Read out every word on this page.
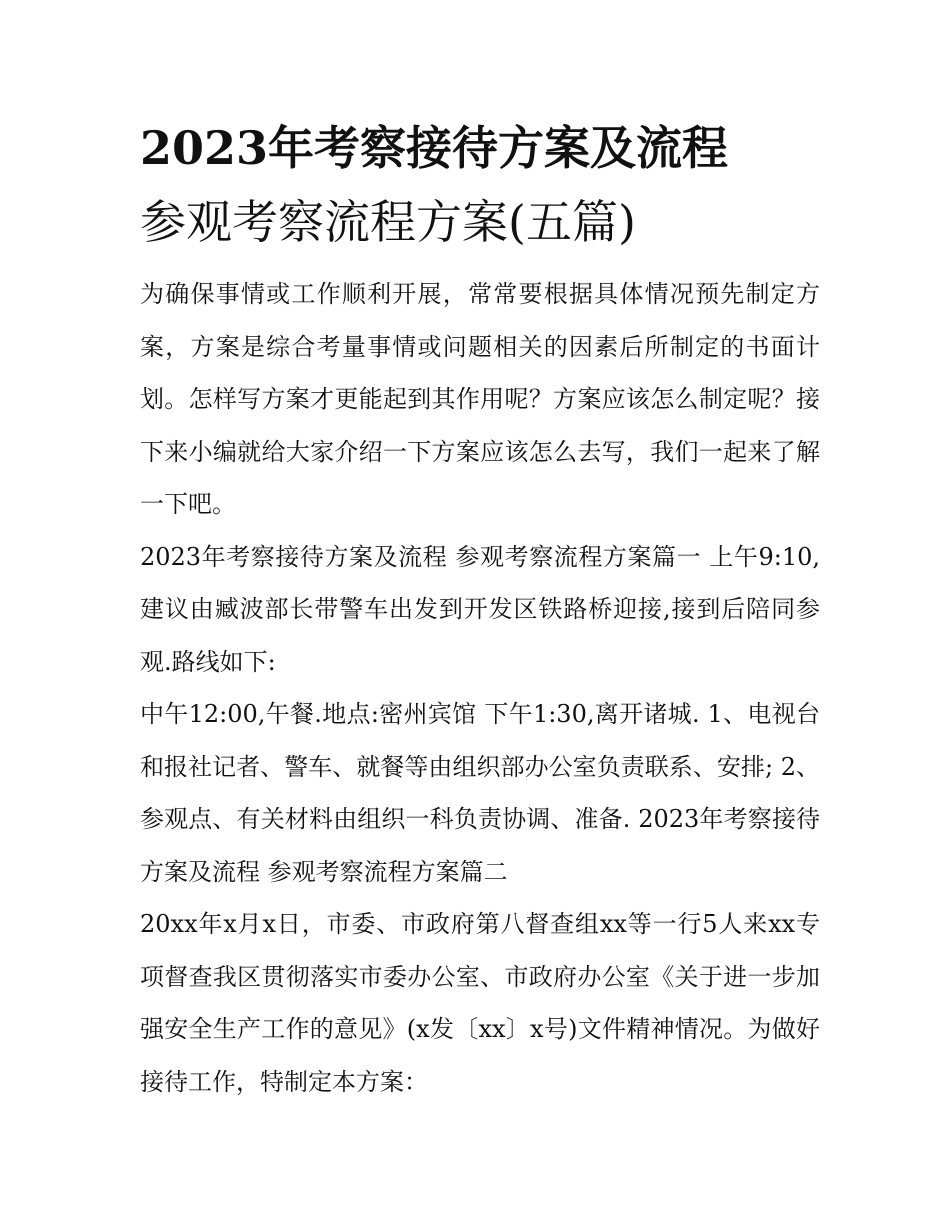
2023年考察接待方案及流程
参观考察流程方案(五篇)

为确保事情或工作顺利开展，常常要根据具体情况预先制定方案，方案是综合考量事情或问题相关的因素后所制定的书面计划。怎样写方案才更能起到其作用呢？方案应该怎么制定呢？接下来小编就给大家介绍一下方案应该怎么去写，我们一起来了解一下吧。

2023年考察接待方案及流程 参观考察流程方案篇一 上午9:10,建议由臧波部长带警车出发到开发区铁路桥迎接,接到后陪同参观.路线如下:

中午12:00,午餐.地点:密州宾馆 下午1:30,离开诸城. 1、电视台和报社记者、警车、就餐等由组织部办公室负责联系、安排; 2、参观点、有关材料由组织一科负责协调、准备. 2023年考察接待方案及流程 参观考察流程方案篇二

20xx年x月x日，市委、市政府第八督查组xx等一行5人来xx专项督查我区贯彻落实市委办公室、市政府办公室《关于进一步加强安全生产工作的意见》(x发〔xx〕x号)文件精神情况。为做好接待工作，特制定本方案：
